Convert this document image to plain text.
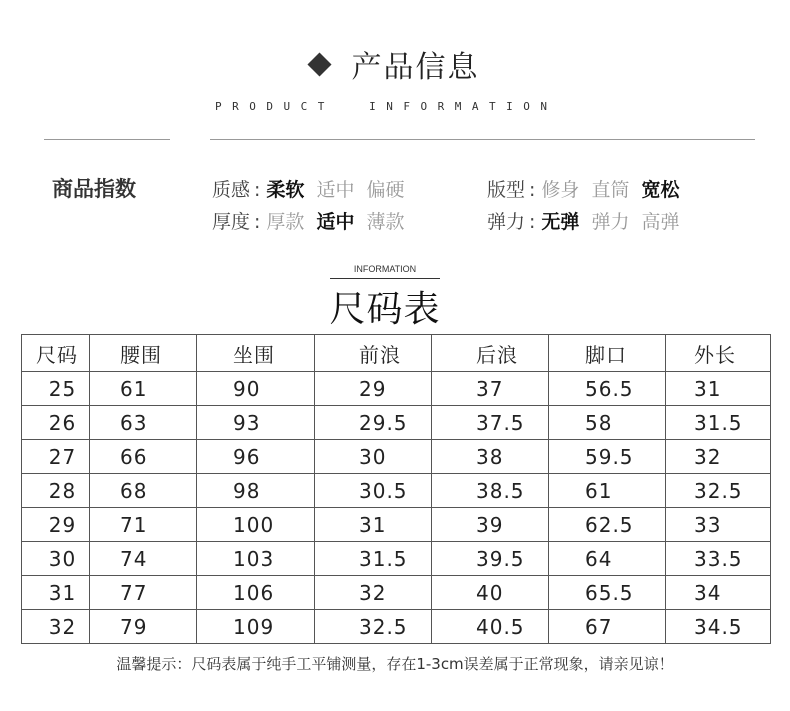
产品信息
PRODUCT  INFORMATION
商品指数	质感 : 柔软 适中 偏硬
厚度 : 厚款 适中 薄款
版型 : 修身 直筒 宽松
弹力 : 无弹 弹力 高弹
INFORMATION
尺码表
尺码	腰围	坐围	前浪	后浪	脚口	外长
25	61	90	29	37	56.5	31
26	63	93	29.5	37.5	58	31.5
27	66	96	30	38	59.5	32
28	68	98	30.5	38.5	61	32.5
29	71	100	31	39	62.5	33
30	74	103	31.5	39.5	64	33.5
31	77	106	32	40	65.5	34
32	79	109	32.5	40.5	67	34.5
温馨提示：尺码表属于纯手工平铺测量，存在1-3cm误差属于正常现象，请亲见谅！
